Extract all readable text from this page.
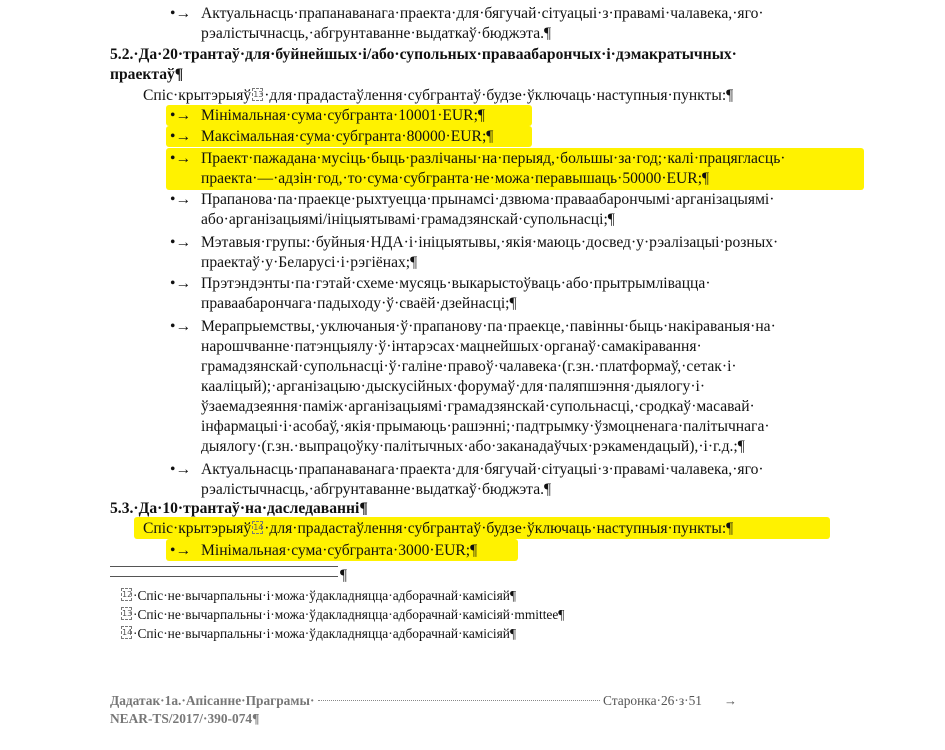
•→ Актуальнасць·прапанаванага·праекта·для·бягучай·сітуацыі·з·правамі·чалавека,·яго·
рэалістычнасць,·абгрунтаванне·выдаткаў·бюджэта.¶
5.2.·Да·20·трантаў·для·буйнейшых·і/або·супольных·праваабарончых·і·дэмакратычных·
праектаў¶
Спіс·крытэрыяў 13·для·прадастаўлення·субгрантаў·будзе·ўключаць·наступныя·пункты:¶
•→ Мінімальная·сума·субгранта·10001·EUR;¶
•→ Максімальная·сума·субгранта·80000·EUR;¶
•→ Праект·пажадана·мусіць·быць·разлічаны·на·перыяд,·большы·за·год;·калі·працягласць·
праекта·—·адзін·год,·то·сума·субгранта·не·можа·перавышаць·50000·EUR;¶
•→ Прапанова·па·праекце·рыхтуецца·прынамсі·дзвюма·праваабарончымі·арганізацыямі·
або·арганізацыямі/ініцыятывамі·грамадзянскай·супольнасці;¶
•→ Мэтавыя·групы:·буйныя·НДА·і·ініцыятывы,·якія·маюць·досвед·у·рэалізацыі·розных·
праектаў·у·Беларусі·і·рэгіёнах;¶
•→ Прэтэндэнты·па·гэтай·схеме·мусяць·выкарыстоўваць·або·прытрымлівацца·
праваабарончага·падыходу·ў·сваёй·дзейнасці;¶
•→ Мерапрыемствы,·уключаныя·ў·прапанову·па·праекце,·павінны·быць·накіраваныя·на·
нарошчванне·патэнцыялу·ў·інтарэсах·мацнейшых·органаў·самакіравання·
грамадзянскай·супольнасці·ў·галіне·правоў·чалавека·(г.зн.·платформаў,·сетак·і·
кааліцый);·арганізацыю·дыскусійных·форумаў·для·паляпшэння·дыялогу·і·
ўзаемадзеяння·паміж·арганізацыямі·грамадзянскай·супольнасці,·сродкаў·масавай·
інфармацыі·і·асобаў,·якія·прымаюць·рашэнні;·падтрымку·ўзмоцненага·палітычнага·
дыялогу·(г.зн.·выпрацоўку·палітычных·або·заканадаўчых·рэкамендацый),·і·г.д.;¶
•→ Актуальнасць·прапанаванага·праекта·для·бягучай·сітуацыі·з·правамі·чалавека,·яго·
рэалістычнасць,·абгрунтаванне·выдаткаў·бюджэта.¶
5.3.·Да·10·трантаў·на·даследаванні¶
Спіс·крытэрыяў 14·для·прадастаўлення·субгрантаў·будзе·ўключаць·наступныя·пункты:¶
•→ Мінімальная·сума·субгранта·3000·EUR;¶
¶
12·Спіс·не·вычарпальны·і·можа·ўдакладняцца·адборачнай·камісіяй¶
13·Спіс·не·вычарпальны·і·можа·ўдакладняцца·адборачнай·камісіяй·mmittee¶
14·Спіс·не·вычарпальны·і·можа·ўдакладняцца·адборачнай·камісіяй¶
Дадатак·1а.·Апісанне·Праграмы·	Старонка·26·з·51 →
NEAR-TS/2017/·390-074¶
